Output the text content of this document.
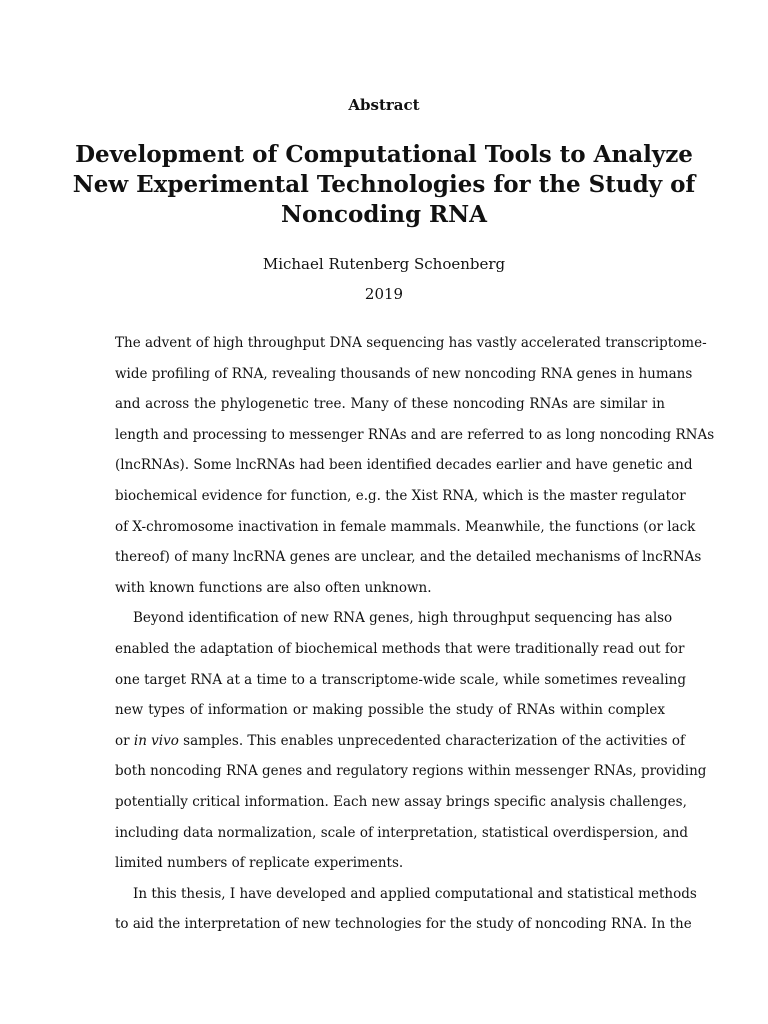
Abstract
Development of Computational Tools to Analyze
New Experimental Technologies for the Study of
Noncoding RNA
Michael Rutenberg Schoenberg
2019
The advent of high throughput DNA sequencing has vastly accelerated transcriptome-
wide profiling of RNA, revealing thousands of new noncoding RNA genes in humans
and across the phylogenetic tree. Many of these noncoding RNAs are similar in
length and processing to messenger RNAs and are referred to as long noncoding RNAs
(lncRNAs). Some lncRNAs had been identified decades earlier and have genetic and
biochemical evidence for function, e.g. the Xist RNA, which is the master regulator
of X-chromosome inactivation in female mammals. Meanwhile, the functions (or lack
thereof) of many lncRNA genes are unclear, and the detailed mechanisms of lncRNAs
with known functions are also often unknown.
Beyond identification of new RNA genes, high throughput sequencing has also
enabled the adaptation of biochemical methods that were traditionally read out for
one target RNA at a time to a transcriptome-wide scale, while sometimes revealing
new types of information or making possible the study of RNAs within complex
or in vivo samples. This enables unprecedented characterization of the activities of
both noncoding RNA genes and regulatory regions within messenger RNAs, providing
potentially critical information. Each new assay brings specific analysis challenges,
including data normalization, scale of interpretation, statistical overdispersion, and
limited numbers of replicate experiments.
In this thesis, I have developed and applied computational and statistical methods
to aid the interpretation of new technologies for the study of noncoding RNA. In the
